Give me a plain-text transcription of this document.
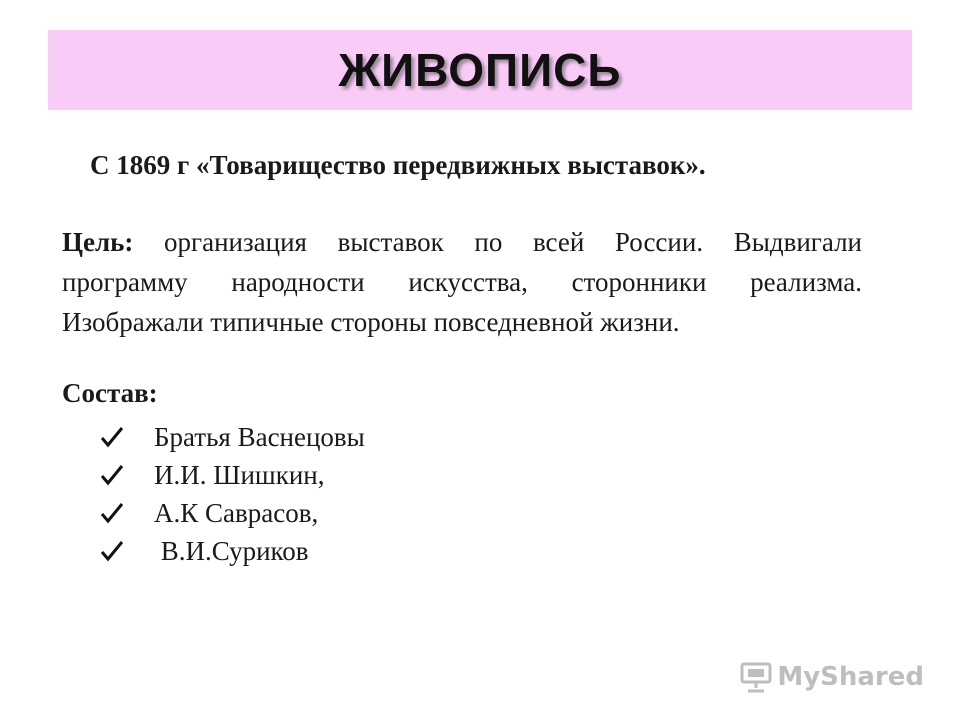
ЖИВОПИСЬ
С 1869 г «Товарищество передвижных выставок».
Цель: организация выставок по всей России. Выдвигали
программу народности искусства, сторонники реализма.
Изображали типичные стороны повседневной жизни.
Состав:
Братья Васнецовы
И.И. Шишкин,
А.К Саврасов,
В.И.Суриков
MyShared
